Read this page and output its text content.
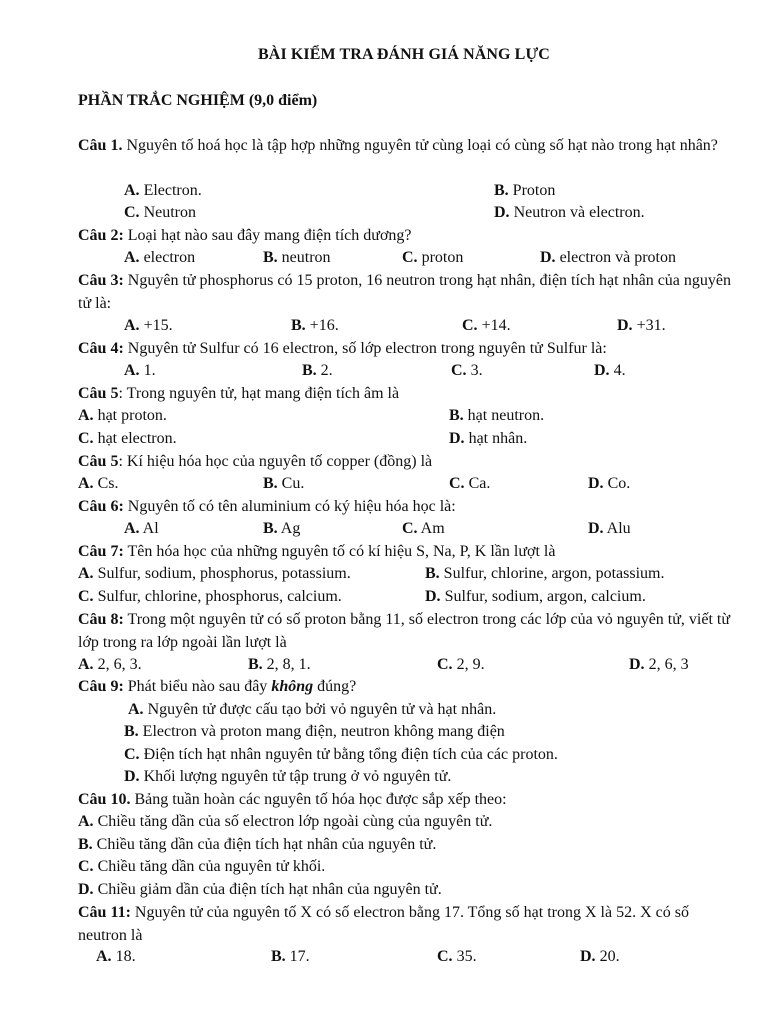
BÀI KIỂM TRA ĐÁNH GIÁ NĂNG LỰC
PHẦN TRẮC NGHIỆM (9,0 điểm)
Câu 1. Nguyên tố hoá học là tập hợp những nguyên tử cùng loại có cùng số hạt nào trong hạt nhân?
A. Electron.	B. Proton
C. Neutron	D. Neutron và electron.
Câu 2: Loại hạt nào sau đây mang điện tích dương?
A. electron	B. neutron	C. proton	D. electron và proton
Câu 3: Nguyên tử phosphorus có 15 proton, 16 neutron trong hạt nhân, điện tích hạt nhân của nguyên tử là:
A. +15.	B. +16.	C. +14.	D. +31.
Câu 4: Nguyên tử Sulfur có 16 electron, số lớp electron trong nguyên tử Sulfur là:
A. 1.	B. 2.	C. 3.	D. 4.
Câu 5: Trong nguyên tử, hạt mang điện tích âm là
A. hạt proton.	B. hạt neutron.
C. hạt electron.	D. hạt nhân.
Câu 5: Kí hiệu hóa học của nguyên tố copper (đồng) là
A. Cs.	B. Cu.	C. Ca.	D. Co.
Câu 6: Nguyên tố có tên aluminium có ký hiệu hóa học là:
A. Al	B. Ag	C. Am	D. Alu
Câu 7: Tên hóa học của những nguyên tố có kí hiệu S, Na, P, K lần lượt là
A. Sulfur, sodium, phosphorus, potassium.	B. Sulfur, chlorine, argon, potassium.
C. Sulfur, chlorine, phosphorus, calcium.	D. Sulfur, sodium, argon, calcium.
Câu 8: Trong một nguyên tử có số proton bằng 11, số electron trong các lớp của vỏ nguyên tử, viết từ lớp trong ra lớp ngoài lần lượt là
A. 2, 6, 3.	B. 2, 8, 1.	C. 2, 9.	D. 2, 6, 3
Câu 9: Phát biểu nào sau đây không đúng?
A. Nguyên tử được cấu tạo bởi vỏ nguyên tử và hạt nhân.
B. Electron và proton mang điện, neutron không mang điện
C. Điện tích hạt nhân nguyên tử bằng tổng điện tích của các proton.
D. Khối lượng nguyên tử tập trung ở vỏ nguyên tử.
Câu 10. Bảng tuần hoàn các nguyên tố hóa học được sắp xếp theo:
A. Chiều tăng dần của số electron lớp ngoài cùng của nguyên tử.
B. Chiều tăng dần của điện tích hạt nhân của nguyên tử.
C. Chiều tăng dần của nguyên tử khối.
D. Chiều giảm dần của điện tích hạt nhân của nguyên tử.
Câu 11: Nguyên tử của nguyên tố X có số electron bằng 17. Tổng số hạt trong X là 52. X có số neutron là
A. 18.	B. 17.	C. 35.	D. 20.
